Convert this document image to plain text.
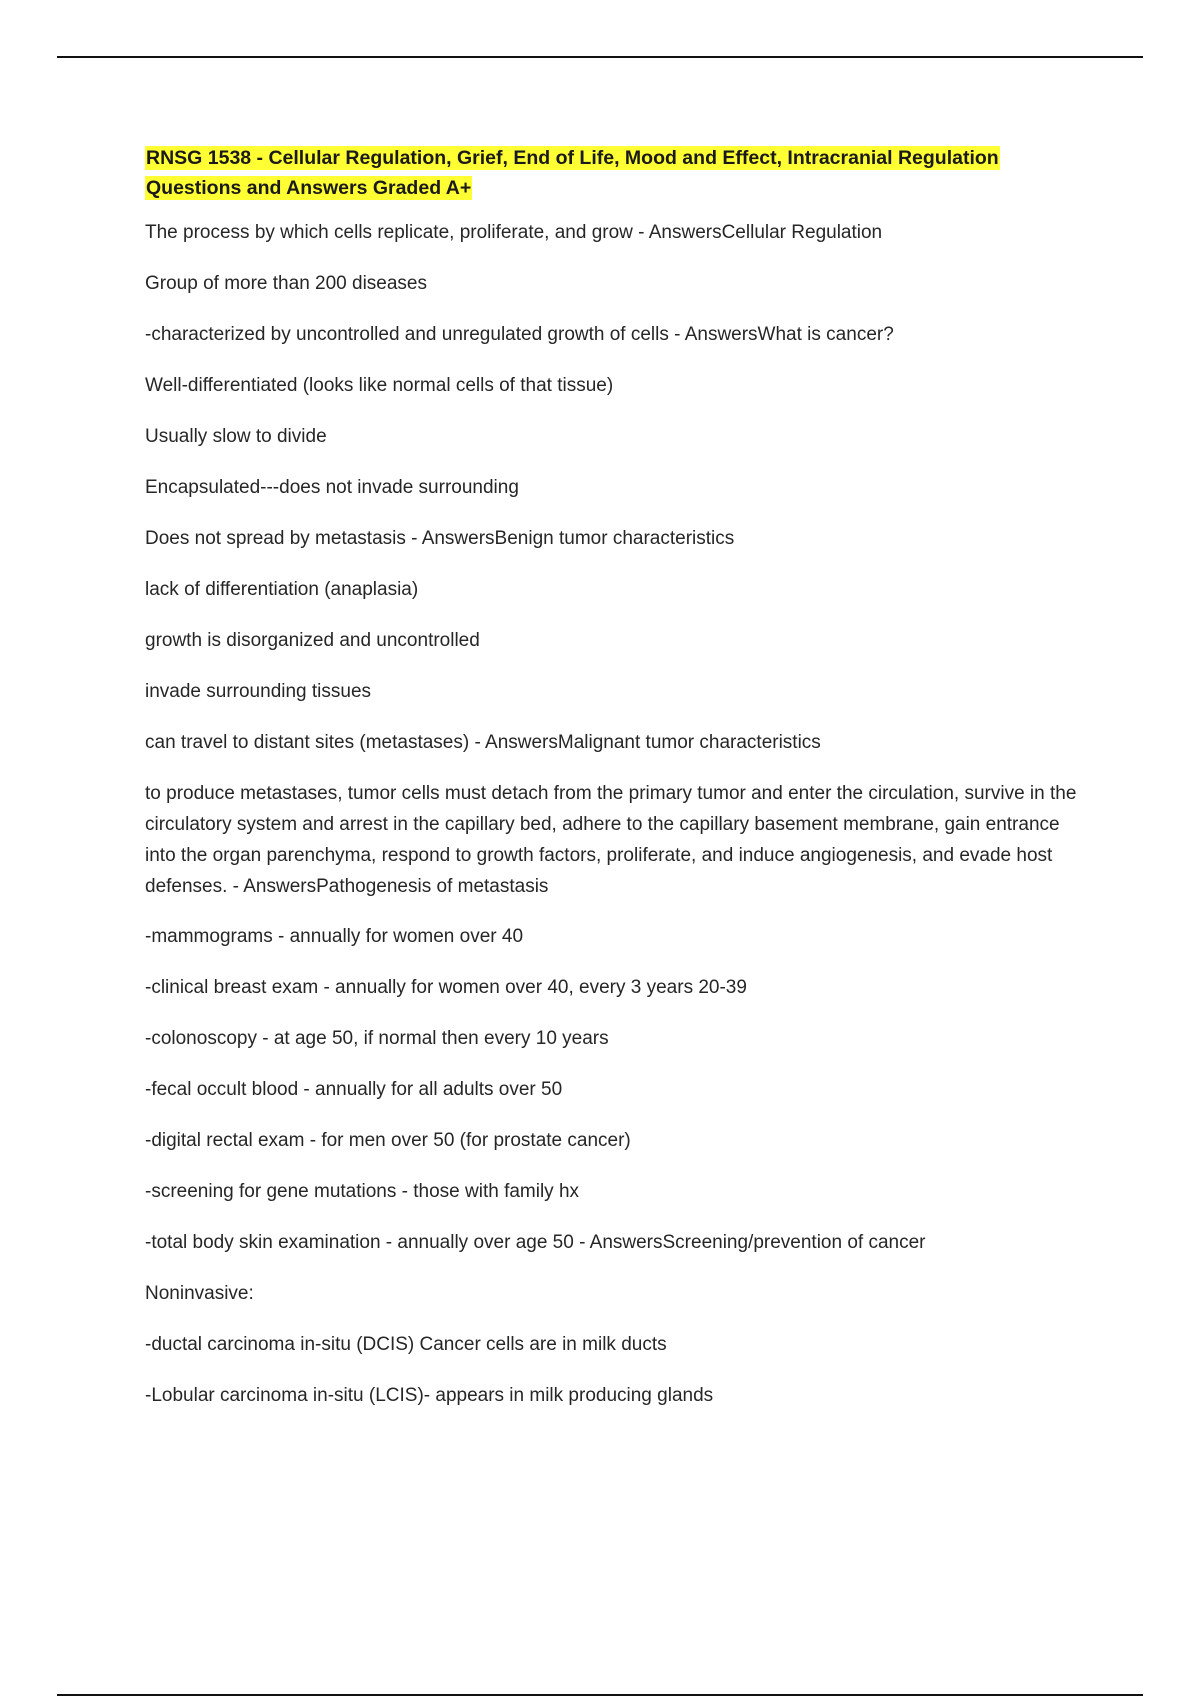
RNSG 1538 - Cellular Regulation, Grief, End of Life, Mood and Effect, Intracranial Regulation Questions and Answers Graded A+

The process by which cells replicate, proliferate, and grow - AnswersCellular Regulation

Group of more than 200 diseases

-characterized by uncontrolled and unregulated growth of cells - AnswersWhat is cancer?

Well-differentiated (looks like normal cells of that tissue)

Usually slow to divide

Encapsulated---does not invade surrounding

Does not spread by metastasis - AnswersBenign tumor characteristics

lack of differentiation (anaplasia)

growth is disorganized and uncontrolled

invade surrounding tissues

can travel to distant sites (metastases) - AnswersMalignant tumor characteristics

to produce metastases, tumor cells must detach from the primary tumor and enter the circulation, survive in the circulatory system and arrest in the capillary bed, adhere to the capillary basement membrane, gain entrance into the organ parenchyma, respond to growth factors, proliferate, and induce angiogenesis, and evade host defenses. - AnswersPathogenesis of metastasis

-mammograms - annually for women over 40

-clinical breast exam - annually for women over 40, every 3 years 20-39

-colonoscopy - at age 50, if normal then every 10 years

-fecal occult blood - annually for all adults over 50

-digital rectal exam - for men over 50 (for prostate cancer)

-screening for gene mutations - those with family hx

-total body skin examination - annually over age 50 - AnswersScreening/prevention of cancer

Noninvasive:

-ductal carcinoma in-situ (DCIS) Cancer cells are in milk ducts

-Lobular carcinoma in-situ (LCIS)- appears in milk producing glands
